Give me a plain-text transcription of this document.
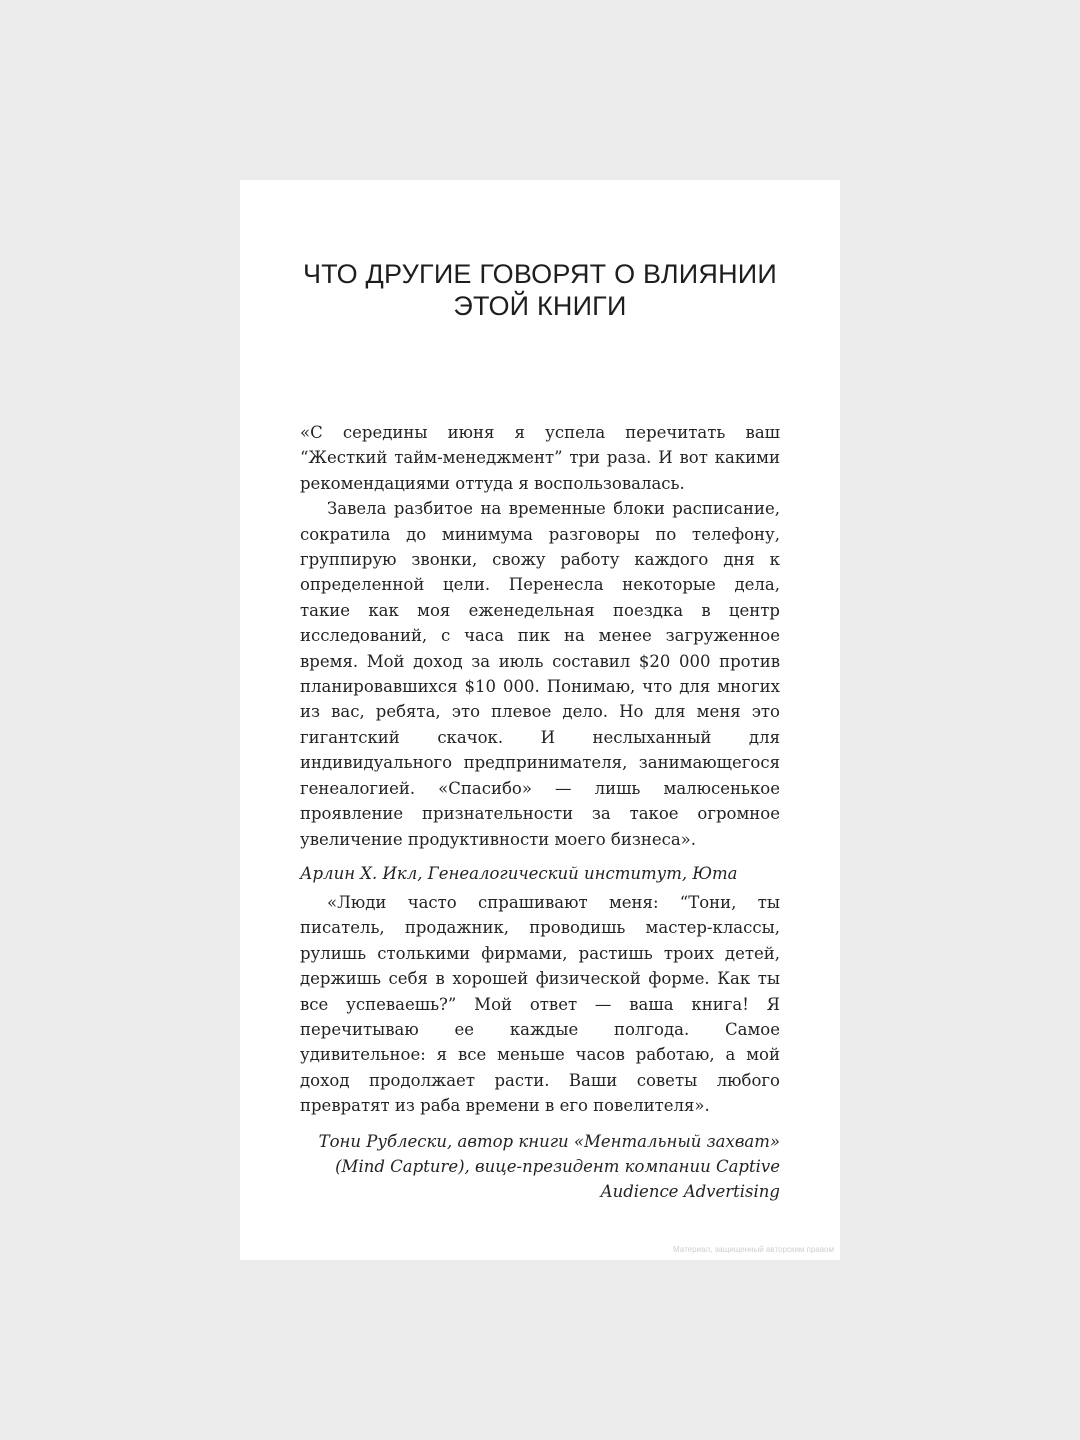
ЧТО ДРУГИЕ ГОВОРЯТ О ВЛИЯНИИ
ЭТОЙ КНИГИ

«С середины июня я успела перечитать ваш “Жесткий тайм-менеджмент” три раза. И вот какими рекомендациями оттуда я воспользовалась.

Завела разбитое на временные блоки расписание, сократила до минимума разговоры по телефону, группирую звонки, свожу работу каждого дня к определенной цели. Перенесла некоторые дела, такие как моя еженедельная поездка в центр исследований, с часа пик на менее загруженное время. Мой доход за июль составил $20 000 против планировавшихся $10 000. Понимаю, что для многих из вас, ребята, это плевое дело. Но для меня это гигантский скачок. И неслыханный для индивидуального предпринимателя, занимающегося генеалогией. «Спасибо» — лишь малюсенькое проявление признательности за такое огромное увеличение продуктивности моего бизнеса».

Арлин Х. Икл, Генеалогический институт, Юта

«Люди часто спрашивают меня: “Тони, ты писатель, продажник, проводишь мастер-классы, рулишь столькими фирмами, растишь троих детей, держишь себя в хорошей физической форме. Как ты все успеваешь?” Мой ответ — ваша книга! Я перечитываю ее каждые полгода. Самое удивительное: я все меньше часов работаю, а мой доход продолжает расти. Ваши советы любого превратят из раба времени в его повелителя».

Тони Рублески, автор книги «Ментальный захват»
(Mind Capture), вице-президент компании Captive
Audience Advertising

Материал, защищенный авторским правом
